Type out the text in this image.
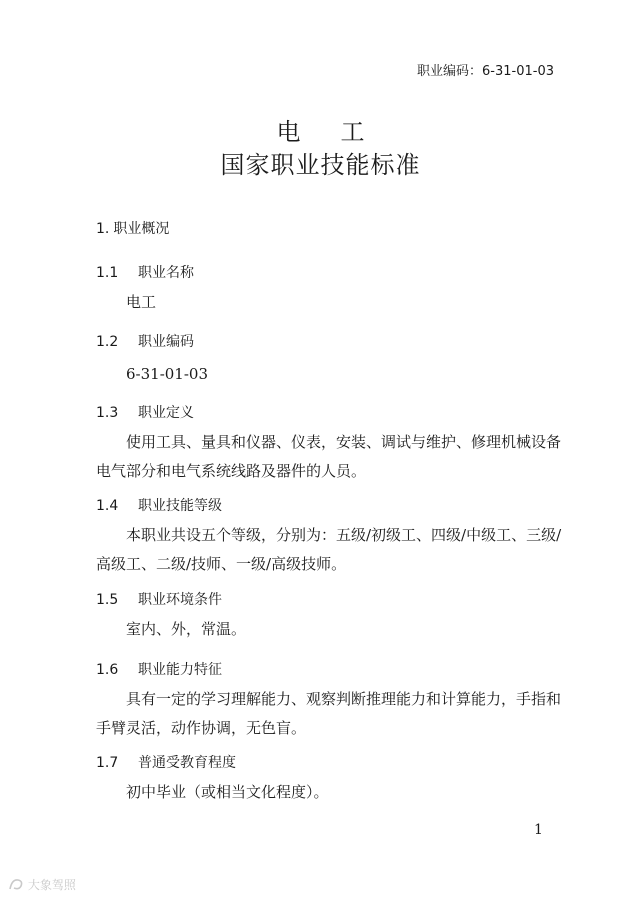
职业编码：6-31-01-03
电工
国家职业技能标准
1. 职业概况
1.1 职业名称
电工
1.2 职业编码
6-31-01-03
1.3 职业定义
使用工具、量具和仪器、仪表，安装、调试与维护、修理机械设备电气部分和电气系统线路及器件的人员。
1.4 职业技能等级
本职业共设五个等级，分别为：五级/初级工、四级/中级工、三级/高级工、二级/技师、一级/高级技师。
1.5 职业环境条件
室内、外，常温。
1.6 职业能力特征
具有一定的学习理解能力、观察判断推理能力和计算能力，手指和手臂灵活，动作协调，无色盲。
1.7 普通受教育程度
初中毕业（或相当文化程度）。
1
大象驾照
